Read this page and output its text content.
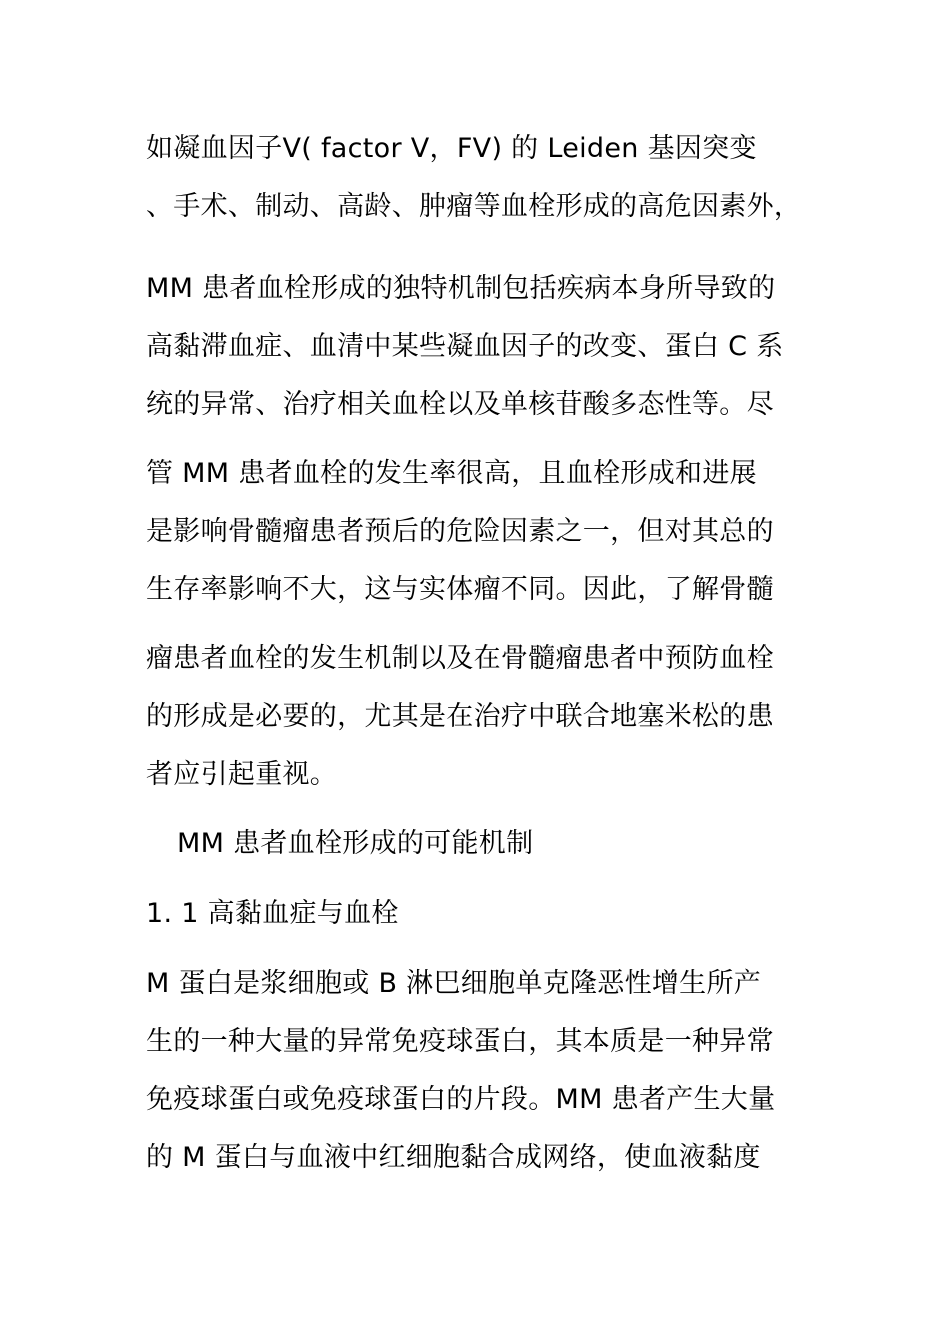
如凝血因子Ⅴ( factor Ⅴ，FⅤ) 的 Leiden 基因突变
、手术、制动、高龄、肿瘤等血栓形成的高危因素外，
MM 患者血栓形成的独特机制包括疾病本身所导致的
高黏滞血症、血清中某些凝血因子的改变、蛋白 C 系
统的异常、治疗相关血栓以及单核苷酸多态性等。尽
管 MM 患者血栓的发生率很高，且血栓形成和进展
是影响骨髓瘤患者预后的危险因素之一，但对其总的
生存率影响不大，这与实体瘤不同。因此，了解骨髓
瘤患者血栓的发生机制以及在骨髓瘤患者中预防血栓
的形成是必要的，尤其是在治疗中联合地塞米松的患
者应引起重视。
MM 患者血栓形成的可能机制
1. 1 高黏血症与血栓
M 蛋白是浆细胞或 B 淋巴细胞单克隆恶性增生所产
生的一种大量的异常免疫球蛋白，其本质是一种异常
免疫球蛋白或免疫球蛋白的片段。MM 患者产生大量
的 M 蛋白与血液中红细胞黏合成网络，使血液黏度
